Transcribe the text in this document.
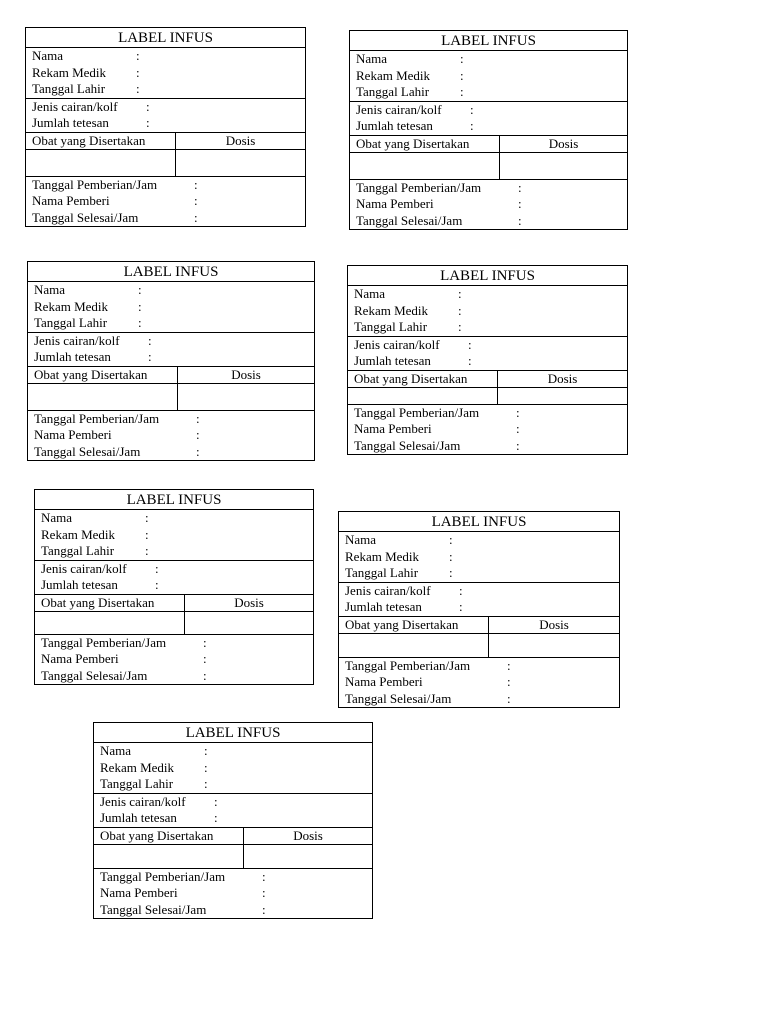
LABEL INFUS
Nama	:
Rekam Medik :
Tanggal Lahir :
Jenis cairan/kolf :
Jumlah tetesan	:
Obat yang Disertakan	Dosis
Tanggal Pemberian/Jam	:
Nama Pemberi	:
Tanggal Selesai/Jam	:
LABEL INFUS
Nama	:
Rekam Medik :
Tanggal Lahir :
Jenis cairan/kolf :
Jumlah tetesan	:
Obat yang Disertakan	Dosis
Tanggal Pemberian/Jam	:
Nama Pemberi	:
Tanggal Selesai/Jam	:
LABEL INFUS
Nama	:
Rekam Medik :
Tanggal Lahir :
Jenis cairan/kolf :
Jumlah tetesan	:
Obat yang Disertakan	Dosis
Tanggal Pemberian/Jam	:
Nama Pemberi	:
Tanggal Selesai/Jam	:
LABEL INFUS
Nama	:
Rekam Medik :
Tanggal Lahir :
Jenis cairan/kolf :
Jumlah tetesan	:
Obat yang Disertakan	Dosis
Tanggal Pemberian/Jam	:
Nama Pemberi	:
Tanggal Selesai/Jam	:
LABEL INFUS
Nama	:
Rekam Medik :
Tanggal Lahir :
Jenis cairan/kolf :
Jumlah tetesan	:
Obat yang Disertakan	Dosis
Tanggal Pemberian/Jam	:
Nama Pemberi	:
Tanggal Selesai/Jam	:
LABEL INFUS
Nama	:
Rekam Medik :
Tanggal Lahir :
Jenis cairan/kolf :
Jumlah tetesan	:
Obat yang Disertakan	Dosis
Tanggal Pemberian/Jam	:
Nama Pemberi	:
Tanggal Selesai/Jam	:
LABEL INFUS
Nama	:
Rekam Medik :
Tanggal Lahir :
Jenis cairan/kolf :
Jumlah tetesan	:
Obat yang Disertakan	Dosis
Tanggal Pemberian/Jam	:
Nama Pemberi	:
Tanggal Selesai/Jam	:
